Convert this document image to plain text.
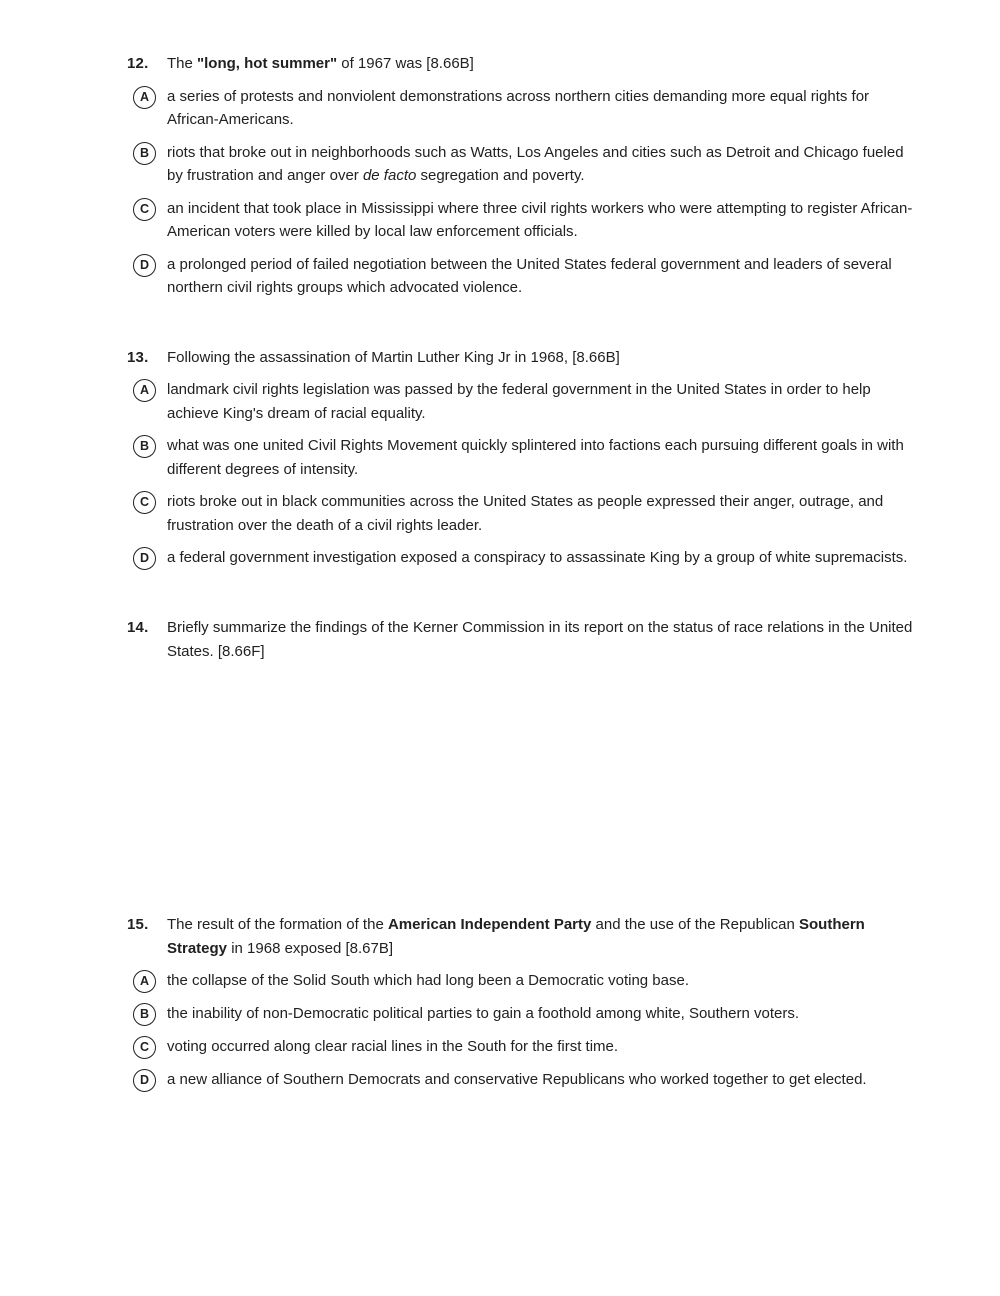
12.	The "long, hot summer" of 1967 was [8.66B]
A	a series of protests and nonviolent demonstrations across northern cities demanding more equal rights for African-Americans.
B	riots that broke out in neighborhoods such as Watts, Los Angeles and cities such as Detroit and Chicago fueled by frustration and anger over de facto segregation and poverty.
C	an incident that took place in Mississippi where three civil rights workers who were attempting to register African-American voters were killed by local law enforcement officials.
D	a prolonged period of failed negotiation between the United States federal government and leaders of several northern civil rights groups which advocated violence.
13.	Following the assassination of Martin Luther King Jr in 1968, [8.66B]
A	landmark civil rights legislation was passed by the federal government in the United States in order to help achieve King's dream of racial equality.
B	what was one united Civil Rights Movement quickly splintered into factions each pursuing different goals in with different degrees of intensity.
C	riots broke out in black communities across the United States as people expressed their anger, outrage, and frustration over the death of a civil rights leader.
D	a federal government investigation exposed a conspiracy to assassinate King by a group of white supremacists.
14.	Briefly summarize the findings of the Kerner Commission in its report on the status of race relations in the United States. [8.66F]
15.	The result of the formation of the American Independent Party and the use of the Republican Southern Strategy in 1968 exposed [8.67B]
A	the collapse of the Solid South which had long been a Democratic voting base.
B	the inability of non-Democratic political parties to gain a foothold among white, Southern voters.
C	voting occurred along clear racial lines in the South for the first time.
D	a new alliance of Southern Democrats and conservative Republicans who worked together to get elected.
